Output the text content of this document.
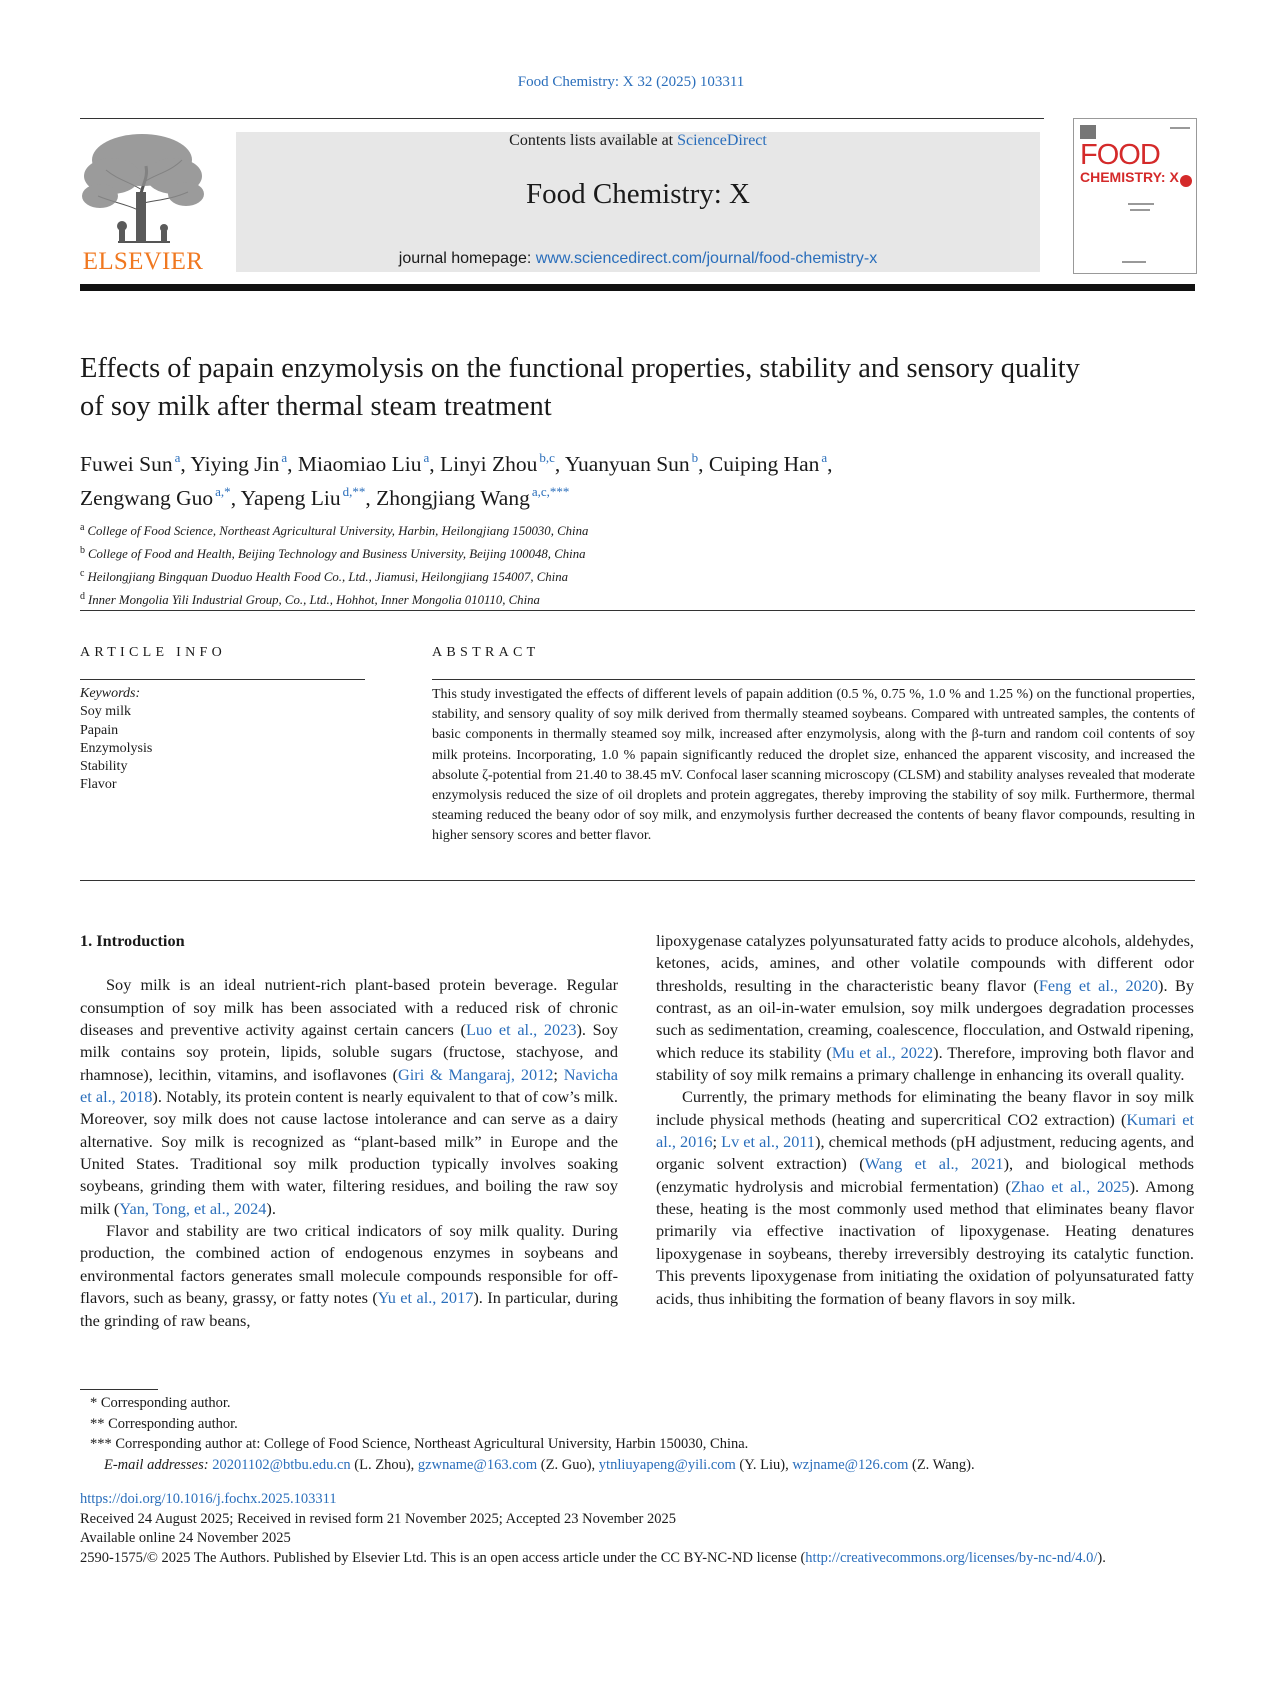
Food Chemistry: X 32 (2025) 103311
ELSEVIER
Contents lists available at ScienceDirect
Food Chemistry: X
journal homepage: www.sciencedirect.com/journal/food-chemistry-x
FOOD
CHEMISTRY: X
Effects of papain enzymolysis on the functional properties, stability and sensory quality of soy milk after thermal steam treatment
Fuwei Sun $^a$, Yiying Jin $^a$, Miaomiao Liu $^a$, Linyi Zhou $^{b,c}$, Yuanyuan Sun $^b$, Cuiping Han $^a$,
Zengwang Guo $^{a,*}$, Yapeng Liu $^{d,**}$, Zhongjiang Wang $^{a,c,***}$
$^a$ College of Food Science, Northeast Agricultural University, Harbin, Heilongjiang 150030, China
$^b$ College of Food and Health, Beijing Technology and Business University, Beijing 100048, China
$^c$ Heilongjiang Bingquan Duoduo Health Food Co., Ltd., Jiamusi, Heilongjiang 154007, China
$^d$ Inner Mongolia Yili Industrial Group, Co., Ltd., Hohhot, Inner Mongolia 010110, China
ARTICLE INFO	ABSTRACT
Keywords:
Soy milk
Papain
Enzymolysis
Stability
Flavor
This study investigated the effects of different levels of papain addition (0.5 %, 0.75 %, 1.0 % and 1.25 %) on the functional properties, stability, and sensory quality of soy milk derived from thermally steamed soybeans. Compared with untreated samples, the contents of basic components in thermally steamed soy milk, increased after enzymolysis, along with the β-turn and random coil contents of soy milk proteins. Incorporating, 1.0 % papain significantly reduced the droplet size, enhanced the apparent viscosity, and increased the absolute ζ-potential from 21.40 to 38.45 mV. Confocal laser scanning microscopy (CLSM) and stability analyses revealed that moderate enzymolysis reduced the size of oil droplets and protein aggregates, thereby improving the stability of soy milk. Furthermore, thermal steaming reduced the beany odor of soy milk, and enzymolysis further decreased the contents of beany flavor compounds, resulting in higher sensory scores and better flavor.
1. Introduction

Soy milk is an ideal nutrient-rich plant-based protein beverage. Regular consumption of soy milk has been associated with a reduced risk of chronic diseases and preventive activity against certain cancers (Luo et al., 2023). Soy milk contains soy protein, lipids, soluble sugars (fructose, stachyose, and rhamnose), lecithin, vitamins, and isoflavones (Giri & Mangaraj, 2012; Navicha et al., 2018). Notably, its protein content is nearly equivalent to that of cow’s milk. Moreover, soy milk does not cause lactose intolerance and can serve as a dairy alternative. Soy milk is recognized as “plant-based milk” in Europe and the United States. Traditional soy milk production typically involves soaking soybeans, grinding them with water, filtering residues, and boiling the raw soy milk (Yan, Tong, et al., 2024).

Flavor and stability are two critical indicators of soy milk quality. During production, the combined action of endogenous enzymes in soybeans and environmental factors generates small molecule compounds responsible for off-flavors, such as beany, grassy, or fatty notes (Yu et al., 2017). In particular, during the grinding of raw beans,

lipoxygenase catalyzes polyunsaturated fatty acids to produce alcohols, aldehydes, ketones, acids, amines, and other volatile compounds with different odor thresholds, resulting in the characteristic beany flavor (Feng et al., 2020). By contrast, as an oil-in-water emulsion, soy milk undergoes degradation processes such as sedimentation, creaming, coalescence, flocculation, and Ostwald ripening, which reduce its stability (Mu et al., 2022). Therefore, improving both flavor and stability of soy milk remains a primary challenge in enhancing its overall quality.

Currently, the primary methods for eliminating the beany flavor in soy milk include physical methods (heating and supercritical CO2 extraction) (Kumari et al., 2016; Lv et al., 2011), chemical methods (pH adjustment, reducing agents, and organic solvent extraction) (Wang et al., 2021), and biological methods (enzymatic hydrolysis and microbial fermentation) (Zhao et al., 2025). Among these, heating is the most commonly used method that eliminates beany flavor primarily via effective inactivation of lipoxygenase. Heating denatures lipoxygenase in soybeans, thereby irreversibly destroying its catalytic function. This prevents lipoxygenase from initiating the oxidation of polyunsaturated fatty acids, thus inhibiting the formation of beany flavors in soy milk.

* Corresponding author.

** Corresponding author.

*** Corresponding author at: College of Food Science, Northeast Agricultural University, Harbin 150030, China.

E-mail addresses: 20201102@btbu.edu.cn (L. Zhou), gzwname@163.com (Z. Guo), ytnliuyapeng@yili.com (Y. Liu), wzjname@126.com (Z. Wang).

https://doi.org/10.1016/j.fochx.2025.103311

Received 24 August 2025; Received in revised form 21 November 2025; Accepted 23 November 2025

Available online 24 November 2025

2590-1575/© 2025 The Authors. Published by Elsevier Ltd. This is an open access article under the CC BY-NC-ND license (http://creativecommons.org/licenses/by-nc-nd/4.0/).
